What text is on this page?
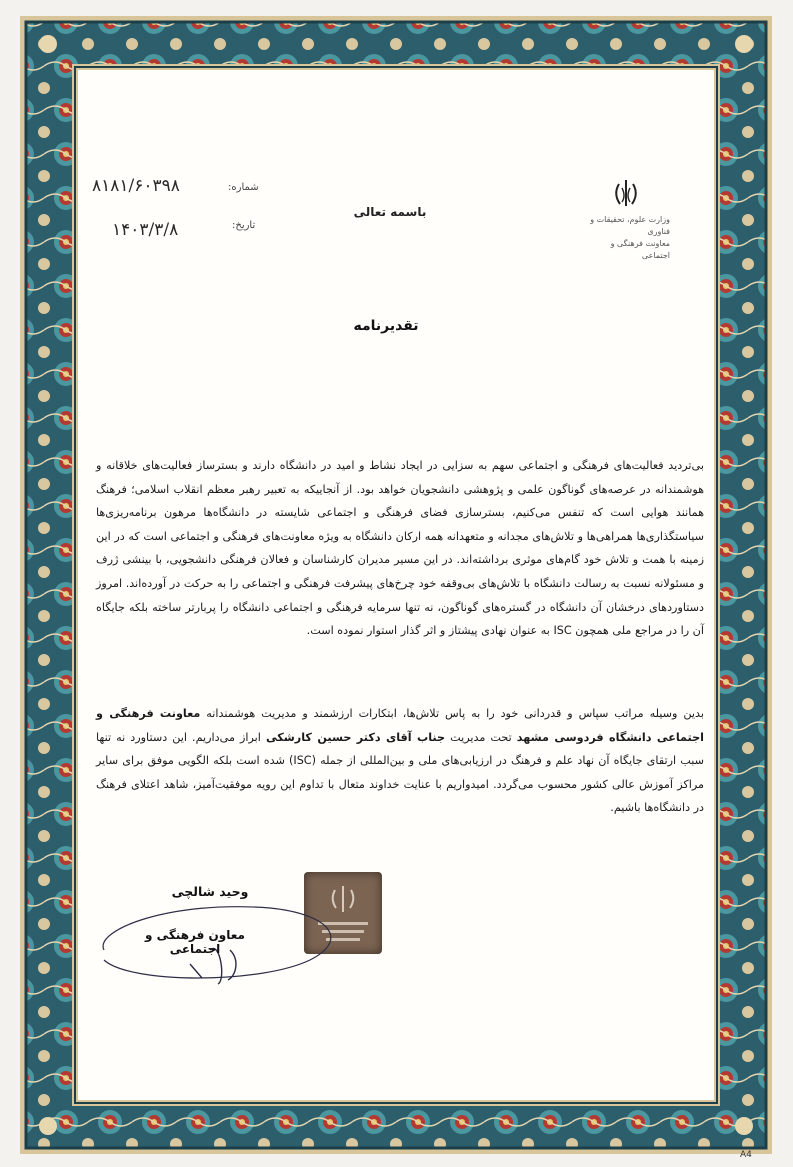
وزارت علوم، تحقیقات و فناوری
معاونت فرهنگی و اجتماعی
باسمه تعالی
شماره:
۸۱۸۱/۶۰۳۹۸
تاریخ:
۱۴۰۳/۳/۸
تقدیرنامه
بی‌تردید فعالیت‌های فرهنگی و اجتماعی سهم به سزایی در ایجاد نشاط و امید در دانشگاه دارند و بسترساز فعالیت‌های خلاقانه و هوشمندانه در عرصه‌های گوناگون علمی و پژوهشی دانشجویان خواهد بود. از آنجاییکه به تعبیر رهبر معظم انقلاب اسلامی؛ فرهنگ همانند هوایی است که تنفس می‌کنیم، بسترسازی فضای فرهنگی و اجتماعی شایسته در دانشگاه‌ها مرهون برنامه‌ریزی‌ها سیاستگذاری‌ها همراهی‌ها و تلاش‌های مجدانه و متعهدانه همه ارکان دانشگاه به ویژه معاونت‌های فرهنگی و اجتماعی است که در این زمینه با همت و تلاش خود گام‌های موثری برداشته‌اند. در این مسیر مدیران کارشناسان و فعالان فرهنگی دانشجویی، با بینشی ژرف و مسئولانه نسبت به رسالت دانشگاه با تلاش‌های بی‌وقفه خود چرخ‌های پیشرفت فرهنگی و اجتماعی را به حرکت در آورده‌اند. امروز دستاوردهای درخشان آن دانشگاه در گستره‌های گوناگون، نه تنها سرمایه فرهنگی و اجتماعی دانشگاه را پربارتر ساخته بلکه جایگاه آن را در مراجع ملی همچون ISC به عنوان نهادی پیشتاز و اثر گذار استوار نموده است.
بدین وسیله مراتب سپاس و قدردانی خود را به پاس تلاش‌ها، ابتکارات ارزشمند و مدیریت هوشمندانه معاونت فرهنگی و اجتماعی دانشگاه فردوسی مشهد تحت مدیریت جناب آقای دکتر حسین کارشکی ابراز می‌داریم. این دستاورد نه تنها سبب ارتقای جایگاه آن نهاد علم و فرهنگ در ارزیابی‌های ملی و بین‌المللی از جمله (ISC) شده است بلکه الگویی موفق برای سایر مراکز آموزش عالی کشور محسوب می‌گردد. امیدواریم با عنایت خداوند متعال با تداوم این رویه موفقیت‌آمیز، شاهد اعتلای فرهنگ در دانشگاه‌ها باشیم.
وحید شالچی
معاون فرهنگی و اجتماعی
A4
